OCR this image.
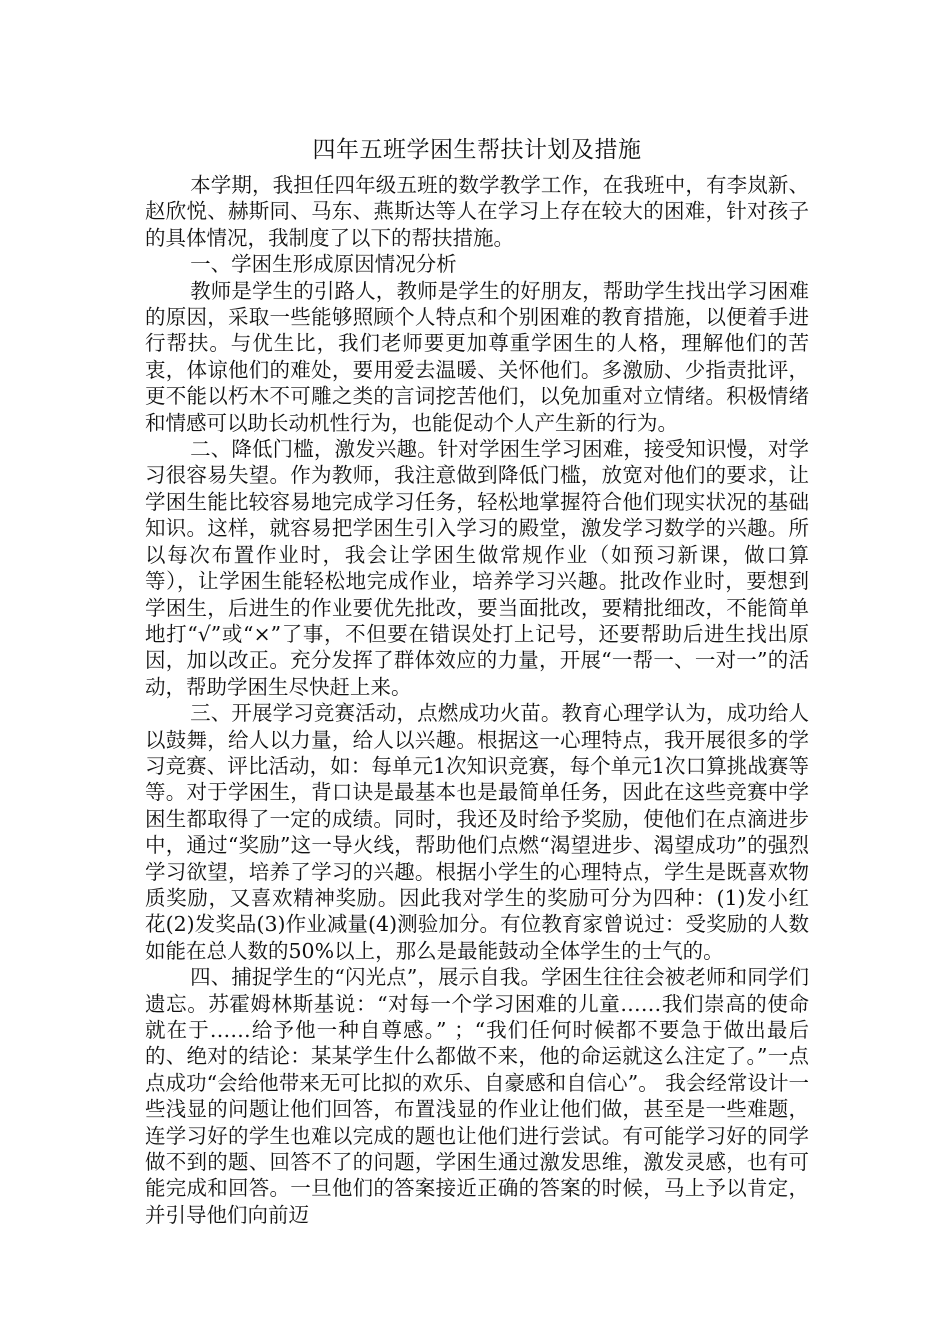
四年五班学困生帮扶计划及措施

本学期，我担任四年级五班的数学教学工作，在我班中，有李岚新、赵欣悦、赫斯同、马东、燕斯达等人在学习上存在较大的困难，针对孩子的具体情况，我制度了以下的帮扶措施。

一、学困生形成原因情况分析

教师是学生的引路人，教师是学生的好朋友，帮助学生找出学习困难的原因，采取一些能够照顾个人特点和个别困难的教育措施，以便着手进行帮扶。与优生比，我们老师要更加尊重学困生的人格，理解他们的苦衷，体谅他们的难处，要用爱去温暖、关怀他们。多激励、少指责批评，更不能以朽木不可雕之类的言词挖苦他们，以免加重对立情绪。积极情绪和情感可以助长动机性行为，也能促动个人产生新的行为。

二、降低门槛，激发兴趣。针对学困生学习困难，接受知识慢，对学习很容易失望。作为教师，我注意做到降低门槛，放宽对他们的要求，让学困生能比较容易地完成学习任务，轻松地掌握符合他们现实状况的基础知识。这样，就容易把学困生引入学习的殿堂，激发学习数学的兴趣。所以每次布置作业时，我会让学困生做常规作业（如预习新课，做口算等），让学困生能轻松地完成作业，培养学习兴趣。批改作业时，要想到学困生，后进生的作业要优先批改，要当面批改，要精批细改，不能简单地打“√”或“×”了事，不但要在错误处打上记号，还要帮助后进生找出原因，加以改正。充分发挥了群体效应的力量，开展“一帮一、一对一”的活动，帮助学困生尽快赶上来。

三、开展学习竞赛活动，点燃成功火苗。教育心理学认为，成功给人以鼓舞，给人以力量，给人以兴趣。根据这一心理特点，我开展很多的学习竞赛、评比活动，如：每单元1次知识竞赛，每个单元1次口算挑战赛等等。对于学困生，背口诀是最基本也是最简单任务，因此在这些竞赛中学困生都取得了一定的成绩。同时，我还及时给予奖励，使他们在点滴进步中，通过“奖励”这一导火线，帮助他们点燃“渴望进步、渴望成功”的强烈学习欲望，培养了学习的兴趣。根据小学生的心理特点，学生是既喜欢物质奖励，又喜欢精神奖励。因此我对学生的奖励可分为四种：(1)发小红花(2)发奖品(3)作业减量(4)测验加分。有位教育家曾说过：受奖励的人数如能在总人数的50%以上，那么是最能鼓动全体学生的士气的。

四、捕捉学生的“闪光点”，展示自我。学困生往往会被老师和同学们遗忘。苏霍姆林斯基说：“对每一个学习困难的儿童……我们崇高的使命就在于……给予他一种自尊感。” ；“我们任何时候都不要急于做出最后的、绝对的结论：某某学生什么都做不来，他的命运就这么注定了。”一点点成功“会给他带来无可比拟的欢乐、自豪感和自信心”。 我会经常设计一些浅显的问题让他们回答，布置浅显的作业让他们做，甚至是一些难题，连学习好的学生也难以完成的题也让他们进行尝试。有可能学习好的同学做不到的题、回答不了的问题，学困生通过激发思维，激发灵感，也有可能完成和回答。一旦他们的答案接近正确的答案的时候，马上予以肯定，并引导他们向前迈
